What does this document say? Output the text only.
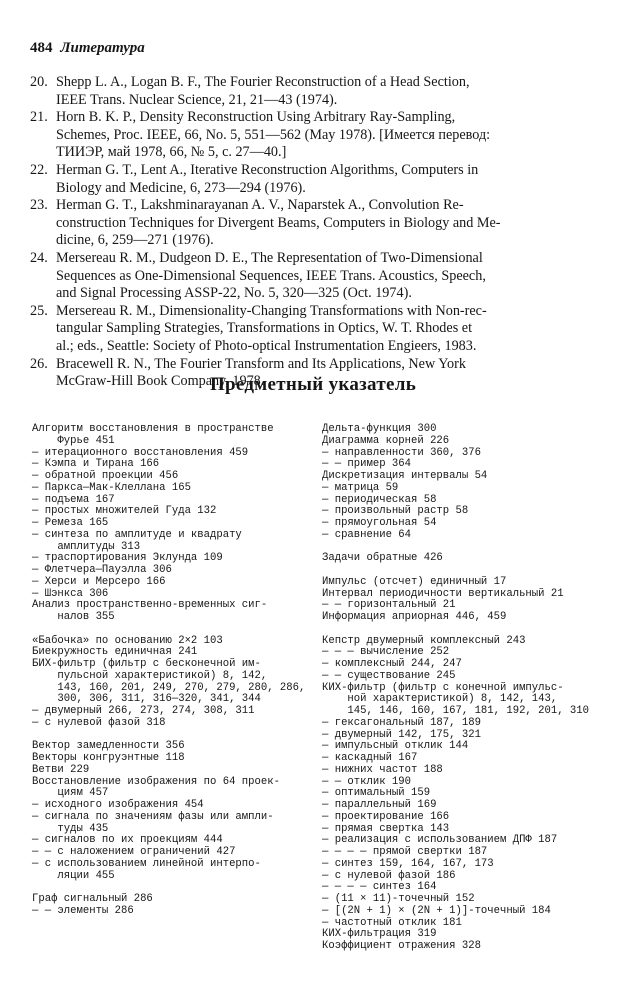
484 Литература
20. Shepp L. A., Logan B. F., The Fourier Reconstruction of a Head Section,
IEEE Trans. Nuclear Science, 21, 21—43 (1974).
21. Horn B. K. P., Density Reconstruction Using Arbitrary Ray-Sampling,
Schemes, Proc. IEEE, 66, No. 5, 551—562 (May 1978). [Имеется перевод:
ТИИЭР, май 1978, 66, № 5, с. 27—40.]
22. Herman G. T., Lent A., Iterative Reconstruction Algorithms, Computers in
Biology and Medicine, 6, 273—294 (1976).
23. Herman G. T., Lakshminarayanan A. V., Naparstek A., Convolution Re-
construction Techniques for Divergent Beams, Computers in Biology and Me-
dicine, 6, 259—271 (1976).
24. Mersereau R. M., Dudgeon D. E., The Representation of Two-Dimensional
Sequences as One-Dimensional Sequences, IEEE Trans. Acoustics, Speech,
and Signal Processing ASSP-22, No. 5, 320—325 (Oct. 1974).
25. Mersereau R. M., Dimensionality-Changing Transformations with Non-rec-
tangular Sampling Strategies, Transformations in Optics, W. T. Rhodes et
al.; eds., Seattle: Society of Photo-optical Instrumentation Engieers, 1983.
26. Bracewell R. N., The Fourier Transform and Its Applications, New York
McGraw-Hill Book Company, 1978.
Предметный указатель
Алгоритм восстановления в пространстве
Фурье 451
— итерационного восстановления 459
— Кэмпа и Тирана 166
— обратной проекции 456
— Паркса—Мак-Клеллана 165
— подъема 167
— простых множителей Гуда 132
— Ремеза 165
— синтеза по амплитуде и квадрату
амплитуды 313
— траспортирования Эклунда 109
— Флетчера—Пауэлла 306
— Херси и Мерсеро 166
— Шэнкса 306
Анализ пространственно-временных сиг-
налов 355
«Бабочка» по основанию 2×2 103
Биекружность единичная 241
БИХ-фильтр (фильтр с бесконечной им-
пульсной характеристикой) 8, 142,
143, 160, 201, 249, 270, 279, 280, 286,
300, 306, 311, 316—320, 341, 344
— двумерный 266, 273, 274, 308, 311
— с нулевой фазой 318
Вектор замедленности 356
Векторы конгруэнтные 118
Ветви 229
Восстановление изображения по 64 проек-
циям 457
— исходного изображения 454
— сигнала по значениям фазы или ампли-
туды 435
— сигналов по их проекциям 444
— — с наложением ограничений 427
— с использованием линейной интерпо-
ляции 455
Граф сигнальный 286
— — элементы 286
Дельта-функция 300
Диаграмма корней 226
— направленности 360, 376
— — пример 364
Дискретизация интервалы 54
— матрица 59
— периодическая 58
— произвольный растр 58
— прямоугольная 54
— сравнение 64
Задачи обратные 426
Импульс (отсчет) единичный 17
Интервал периодичности вертикальный 21
— — горизонтальный 21
Информация априорная 446, 459
Кепстр двумерный комплексный 243
— — — вычисление 252
— комплексный 244, 247
— — существование 245
КИХ-фильтр (фильтр с конечной импульс-
ной характеристикой) 8, 142, 143,
145, 146, 160, 167, 181, 192, 201, 310
— гексагональный 187, 189
— двумерный 142, 175, 321
— импульсный отклик 144
— каскадный 167
— нижних частот 188
— — отклик 190
— оптимальный 159
— параллельный 169
— проектирование 166
— прямая свертка 143
— реализация с использованием ДПФ 187
— — — — прямой свертки 187
— синтез 159, 164, 167, 173
— с нулевой фазой 186
— — — — синтез 164
— (11 × 11)-точечный 152
— [(2N + 1) × (2N + 1)]-точечный 184
— частотный отклик 181
КИХ-фильтрация 319
Коэффициент отражения 328
